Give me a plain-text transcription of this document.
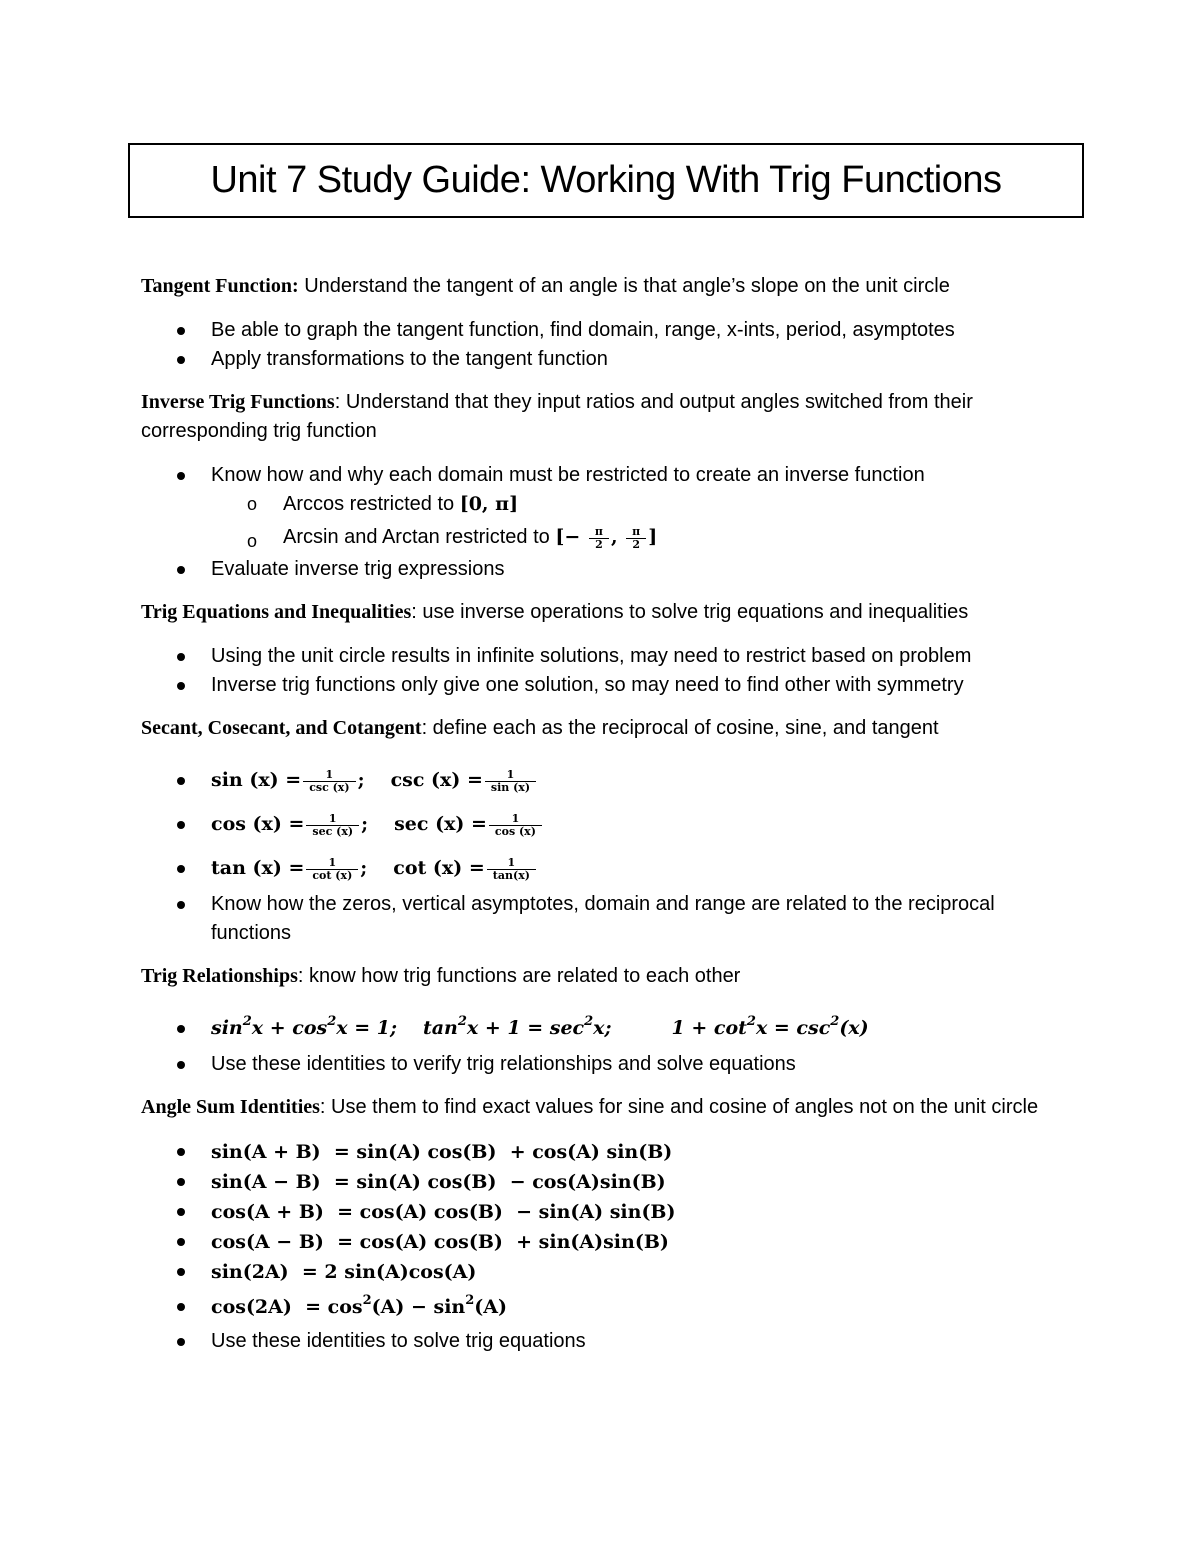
Unit 7 Study Guide: Working With Trig Functions

Tangent Function: Understand the tangent of an angle is that angle’s slope on the unit circle

Be able to graph the tangent function, find domain, range, x-ints, period, asymptotes
Apply transformations to the tangent function

Inverse Trig Functions: Understand that they input ratios and output angles switched from their corresponding trig function

Know how and why each domain must be restricted to create an inverse function
o Arccos restricted to [0, π]
o Arcsin and Arctan restricted to [− $\frac{\pi}{2}$ , $\frac{\pi}{2}$ ]
Evaluate inverse trig expressions

Trig Equations and Inequalities: use inverse operations to solve trig equations and inequalities

Using the unit circle results in infinite solutions, may need to restrict based on problem
Inverse trig functions only give one solution, so may need to find other with symmetry

Secant, Cosecant, and Cotangent: define each as the reciprocal of cosine, sine, and tangent

$\sin (x) = \frac{1}{\csc (x)}$ ; $\csc (x) = \frac{1}{\sin (x)}$
$\cos (x) = \frac{1}{\sec (x)}$ ; $\sec (x) = \frac{1}{\cos (x)}$
$\tan (x) = \frac{1}{\cot (x)}$ ; $\cot (x) = \frac{1}{\tan(x)}$
Know how the zeros, vertical asymptotes, domain and range are related to the reciprocal functions

Trig Relationships: know how trig functions are related to each other

$\sin^2x + \cos^2x = 1$; $\tan^2x + 1 = \sec^2x$;	$1 + \cot^2x = \csc^2(x)$
Use these identities to verify trig relationships and solve equations

Angle Sum Identities: Use them to find exact values for sine and cosine of angles not on the unit circle

sin(A + B)  = sin(A) cos(B)  + cos(A) sin(B)
sin(A − B)  = sin(A) cos(B)  − cos(A)sin(B)
cos(A + B)  = cos(A) cos(B)  − sin(A) sin(B)
cos(A − B)  = cos(A) cos(B)  + sin(A)sin(B)
sin(2A)  = 2 sin(A)cos(A)
$\cos(2A) = \cos^2(A) - \sin^2(A)$
Use these identities to solve trig equations
